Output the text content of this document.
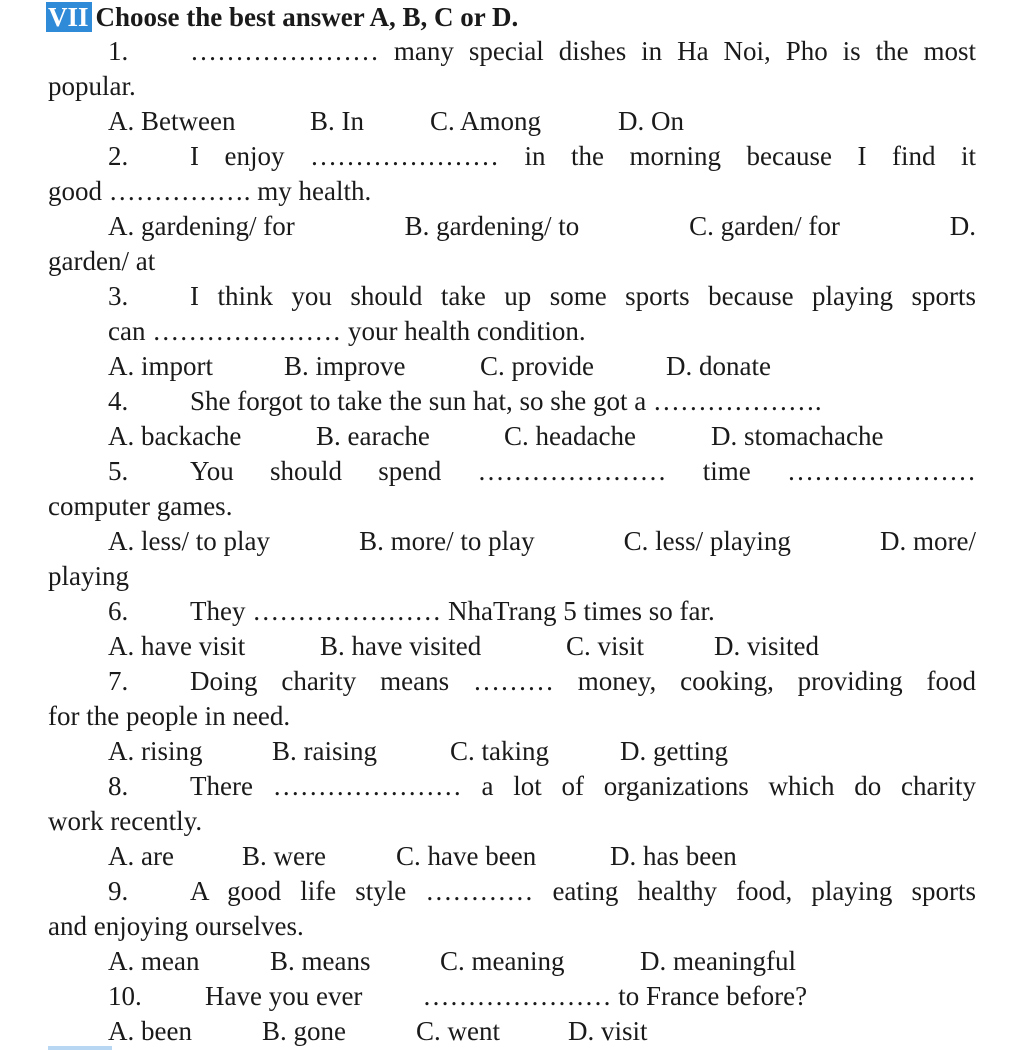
VII Choose the best answer A, B, C or D.
1.	………………… many special dishes in Ha Noi, Pho is the most
popular.
A. Between	B. In	C. Among	D. On
2.	I enjoy ………………… in the morning because I find it
good ……………. my health.
A. gardening/ for	B. gardening/ to	C. garden/ for	D.
garden/ at
3.	I think you should take up some sports because playing sports
can ………………… your health condition.
A. import	B. improve	C. provide	D. donate
4.	She forgot to take the sun hat, so she got a ……………….
A. backache	B. earache	C. headache	D. stomachache
5.	You should spend ………………… time …………………
computer games.
A. less/ to play	B. more/ to play	C. less/ playing	D. more/
playing
6.	They ………………… NhaTrang 5 times so far.
A. have visit	B. have visited	C. visit	D. visited
7.	Doing charity means ……… money, cooking, providing food
for the people in need.
A. rising	B. raising	C. taking	D. getting
8.	There ………………… a lot of organizations which do charity
work recently.
A. are	B. were	C. have been	D. has been
9.	A good life style ………… eating healthy food, playing sports
and enjoying ourselves.
A. mean	B. means	C. meaning	D. meaningful
10.	Have you ever ………………… to France before?
A. been	B. gone	C. went	D. visit
